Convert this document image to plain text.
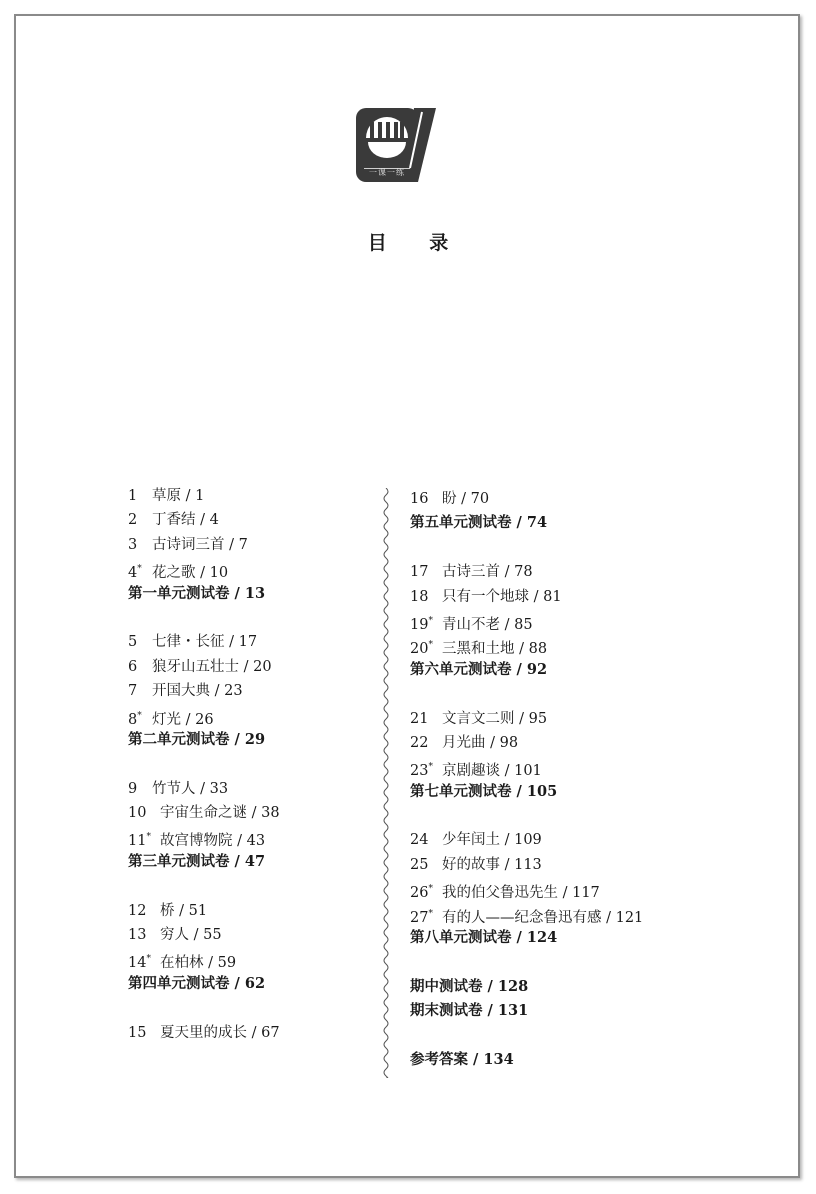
一课一练
目 录
1 草原 / 1
2 丁香结 / 4
3 古诗词三首 / 7
4* 花之歌 / 10
第一单元测试卷 / 13
5 七律・长征 / 17
6 狼牙山五壮士 / 20
7 开国大典 / 23
8* 灯光 / 26
第二单元测试卷 / 29
9 竹节人 / 33
10 宇宙生命之谜 / 38
11* 故宫博物院 / 43
第三单元测试卷 / 47
12 桥 / 51
13 穷人 / 55
14* 在柏林 / 59
第四单元测试卷 / 62
15 夏天里的成长 / 67
16 盼 / 70
第五单元测试卷 / 74
17 古诗三首 / 78
18 只有一个地球 / 81
19* 青山不老 / 85
20* 三黑和土地 / 88
第六单元测试卷 / 92
21 文言文二则 / 95
22 月光曲 / 98
23* 京剧趣谈 / 101
第七单元测试卷 / 105
24 少年闰土 / 109
25 好的故事 / 113
26* 我的伯父鲁迅先生 / 117
27* 有的人——纪念鲁迅有感 / 121
第八单元测试卷 / 124
期中测试卷 / 128
期末测试卷 / 131
参考答案 / 134
